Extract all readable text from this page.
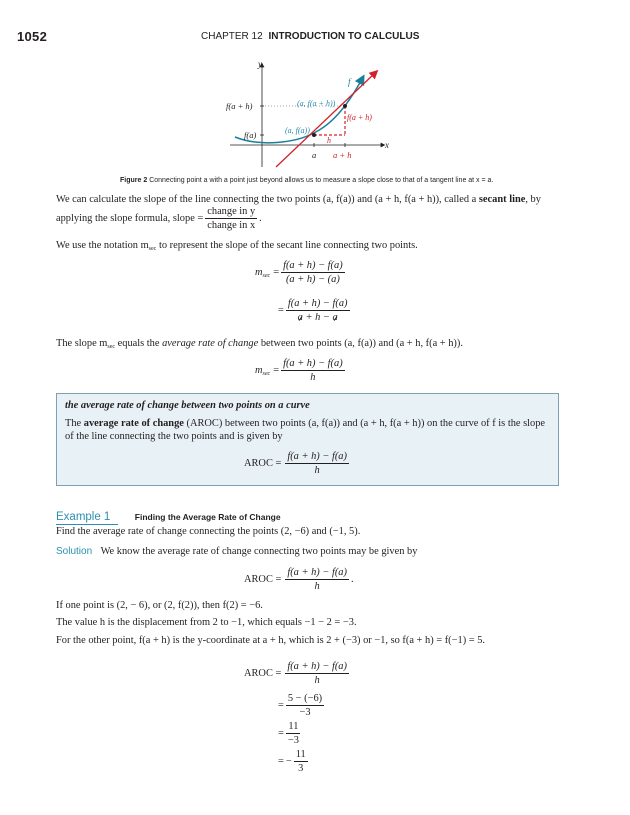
1052	CHAPTER 12 INTRODUCTION TO CALCULUS
y
x
f
f(a + h)
f(a)
(a, f(a + h))
(a, f(a))
f(a + h)
h
a a + h
Figure 2 Connecting point a with a point just beyond allows us to measure a slope close to that of a tangent line at x = a.
We can calculate the slope of the line connecting the two points (a, f(a)) and (a + h, f(a + h)), called a secant line, by
applying the slope formula, slope = $\frac{\text{change in y}}{\text{change in x}}$ .
We use the notation $m_{sec}$ to represent the slope of the secant line connecting two points.
$m_{sec} = \frac{f(a + h) - f(a)}{(a + h) - (a)}$
= $\frac{f(a + h) - f(a)}{a + h - a}$
The slope $m_{sec}$ equals the average rate of change between two points (a, f(a)) and (a + h, f(a + h)).
$m_{sec} = \frac{f(a + h) - f(a)}{h}$
the average rate of change between two points on a curve
The average rate of change (AROC) between two points (a, f(a)) and (a + h, f(a + h)) on the curve of f is the slope
of the line connecting the two points and is given by
AROC = $\frac{f(a + h) - f(a)}{h}$
Example 1	Finding the Average Rate of Change
Find the average rate of change connecting the points (2, −6) and (−1, 5).
Solution We know the average rate of change connecting two points may be given by
AROC = $\frac{f(a + h) - f(a)}{h}$ .
If one point is (2, − 6), or (2, f(2)), then f(2) = −6.
The value h is the displacement from 2 to −1, which equals −1 − 2 = −3.
For the other point, f(a + h) is the y-coordinate at a + h, which is 2 + (−3) or −1, so f(a + h) = f(−1) = 5.
AROC = $\frac{f(a + h) - f(a)}{h}$
= $\frac{5 - (-6)}{-3}$
= $\frac{11}{-3}$
= − $\frac{11}{3}$
